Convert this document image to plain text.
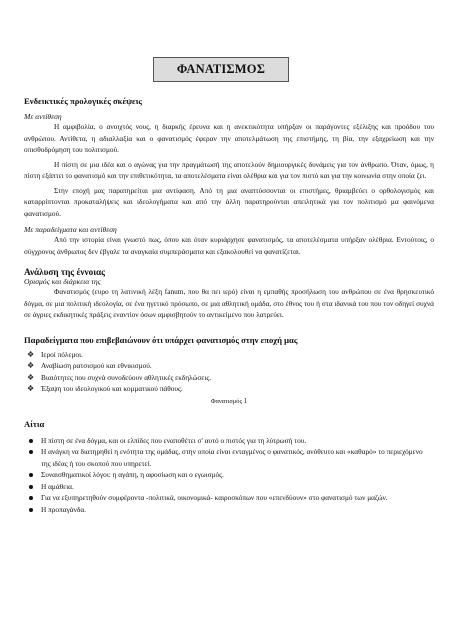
ΦΑΝΑΤΙΣΜΟΣ
Ενδεικτικές προλογικές σκέψεις
Με αντίθεση

Η αμφιβολία, ο ανοιχτός νους, η διαρκής έρευνα και η ανεκτικότητα υπήρξαν οι παράγοντες εξέλιξης και προόδου του ανθρώπου. Αντίθετα, η αδιαλλαξία και ο φανατισμός έφεραν την αποτελμάτωση της επιστήμης, τη βία, την εξαχρείωση και την οπισθοδρόμηση του πολιτισμού.

Η πίστη σε μια ιδέα και ο αγώνας για την πραγμάτωσή της αποτελούν δημιουργικές δυνάμεις για τον άνθρωπο. Όταν, όμως, η πίστη εξάπτει το φανατισμό και την επιθετικότητα, τα αποτελέσματα είναι ολέθρια και για τον πιστό και για την κοινωνία στην οποία ζει.

Στην εποχή μας παρατηρείται μια αντίφαση. Από τη μια αναπτύσσονται οι επιστήμες, θριαμβεύει ο ορθολογισμός και καταρρίπτονται προκαταλήψεις και ιδεολογήματα και από την άλλη παρατηρούνται απειλητικά για τον πολιτισμό μα φαινόμενα φανατισμού.

Με παραδείγματα και αντίθεση

Από την ιστορία είναι γνωστό πως, όπου και όταν κυριάρχησε φανατισμός, τα αποτελέσματα υπήρξαν ολέθρια. Εντούτοις, ο σύγχρονος άνθρωπος δεν έβγαλε τα αναγκαία συμπεράσματα και εξακολουθεί να φανατίζεται.

Ανάλυση της έννοιας
Ορισμός και διάρκεια της

Φανατισμός (ευρο τη λατινική λέξη fanum, που θα πει ιερό) είναι η εμπαθής προσήλωση του ανθρώπου σε ένα θρησκευτικό δόγμα, σε μια πολιτική ιδεολογία, σε ένα ηγετικό πρόσωπο, σε μια αθλητική ομάδα, στο έθνος του ή στα ιδανικά του που τον οδηγεί συχνά σε άγριες εκδικητικές πράξεις εναντίον όσων αμφισβητούν το αντικείμενο που λατρεύει.

Παραδείγματα που επιβεβαιώνουν ότι υπάρχει φανατισμός στην εποχή μας
❖ Ιεροί πόλεμοι.
❖ Αναβίωση ρατσισμού και εθνικισμού.
❖ Βιαιότητες που συχνά συνοδεύουν αθλητικές εκδηλώσεις.
❖ Έξαψη του ιδεολογικού και κομματικού πάθους.
Φανατισμός 1
Αίτια
Η πίστη σε ένα δόγμα, και οι ελπίδες που εναποθέτει σ' αυτό ο πιστός για τη λύτρωσή του.
Η ανάγκη να διατηρηθεί η ενότητα της ομάδας, στην οποία είναι ενταγμένος ο φανατικός, ανόθευτο και «καθαρό» το περιεχόμενο της ιδέας ή του σκοπού που υπηρετεί.
Συναισθηματικοί λόγοι: η αγάπη, η αφοσίωση και ο εγωισμός.
Η αμάθεια.
Για να εξυπηρετηθούν συμφέροντα -πολιτικά, οικονομικά- καιροσκόπων που «επενδύουν» στο φανατισμό των μαζών.
Η προπαγάνδα.
